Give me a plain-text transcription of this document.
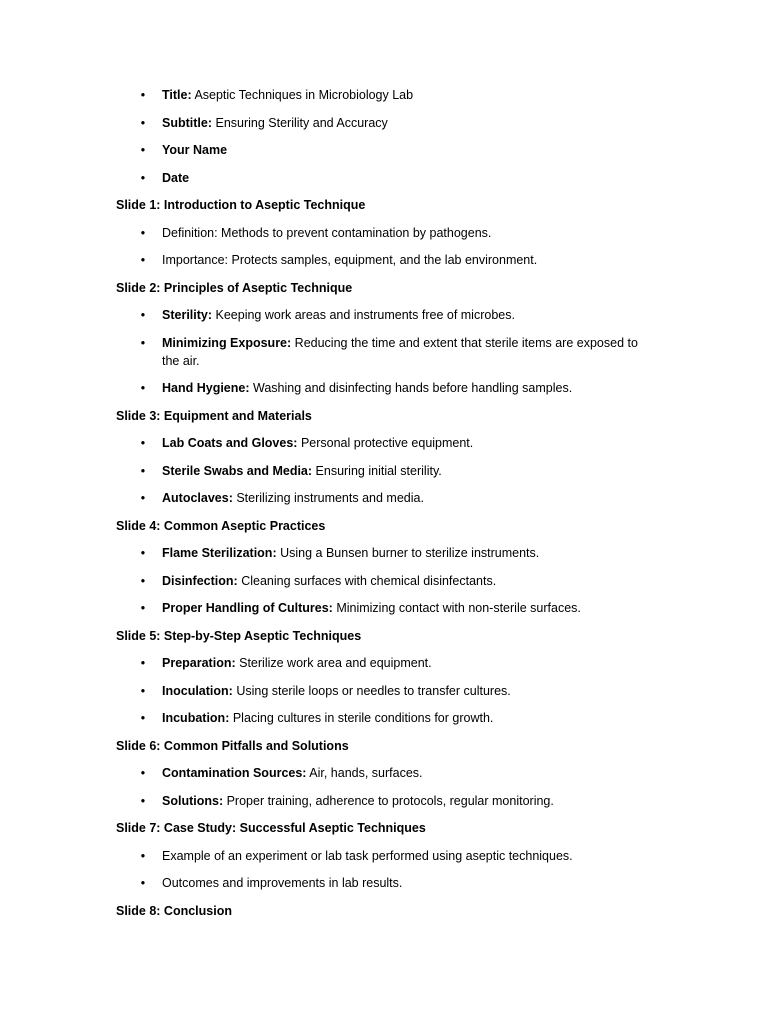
• Title: Aseptic Techniques in Microbiology Lab
• Subtitle: Ensuring Sterility and Accuracy
• Your Name
• Date
Slide 1: Introduction to Aseptic Technique
• Definition: Methods to prevent contamination by pathogens.
• Importance: Protects samples, equipment, and the lab environment.
Slide 2: Principles of Aseptic Technique
• Sterility: Keeping work areas and instruments free of microbes.
• Minimizing Exposure: Reducing the time and extent that sterile items are exposed to the air.
• Hand Hygiene: Washing and disinfecting hands before handling samples.
Slide 3: Equipment and Materials
• Lab Coats and Gloves: Personal protective equipment.
• Sterile Swabs and Media: Ensuring initial sterility.
• Autoclaves: Sterilizing instruments and media.
Slide 4: Common Aseptic Practices
• Flame Sterilization: Using a Bunsen burner to sterilize instruments.
• Disinfection: Cleaning surfaces with chemical disinfectants.
• Proper Handling of Cultures: Minimizing contact with non-sterile surfaces.
Slide 5: Step-by-Step Aseptic Techniques
• Preparation: Sterilize work area and equipment.
• Inoculation: Using sterile loops or needles to transfer cultures.
• Incubation: Placing cultures in sterile conditions for growth.
Slide 6: Common Pitfalls and Solutions
• Contamination Sources: Air, hands, surfaces.
• Solutions: Proper training, adherence to protocols, regular monitoring.
Slide 7: Case Study: Successful Aseptic Techniques
• Example of an experiment or lab task performed using aseptic techniques.
• Outcomes and improvements in lab results.
Slide 8: Conclusion
